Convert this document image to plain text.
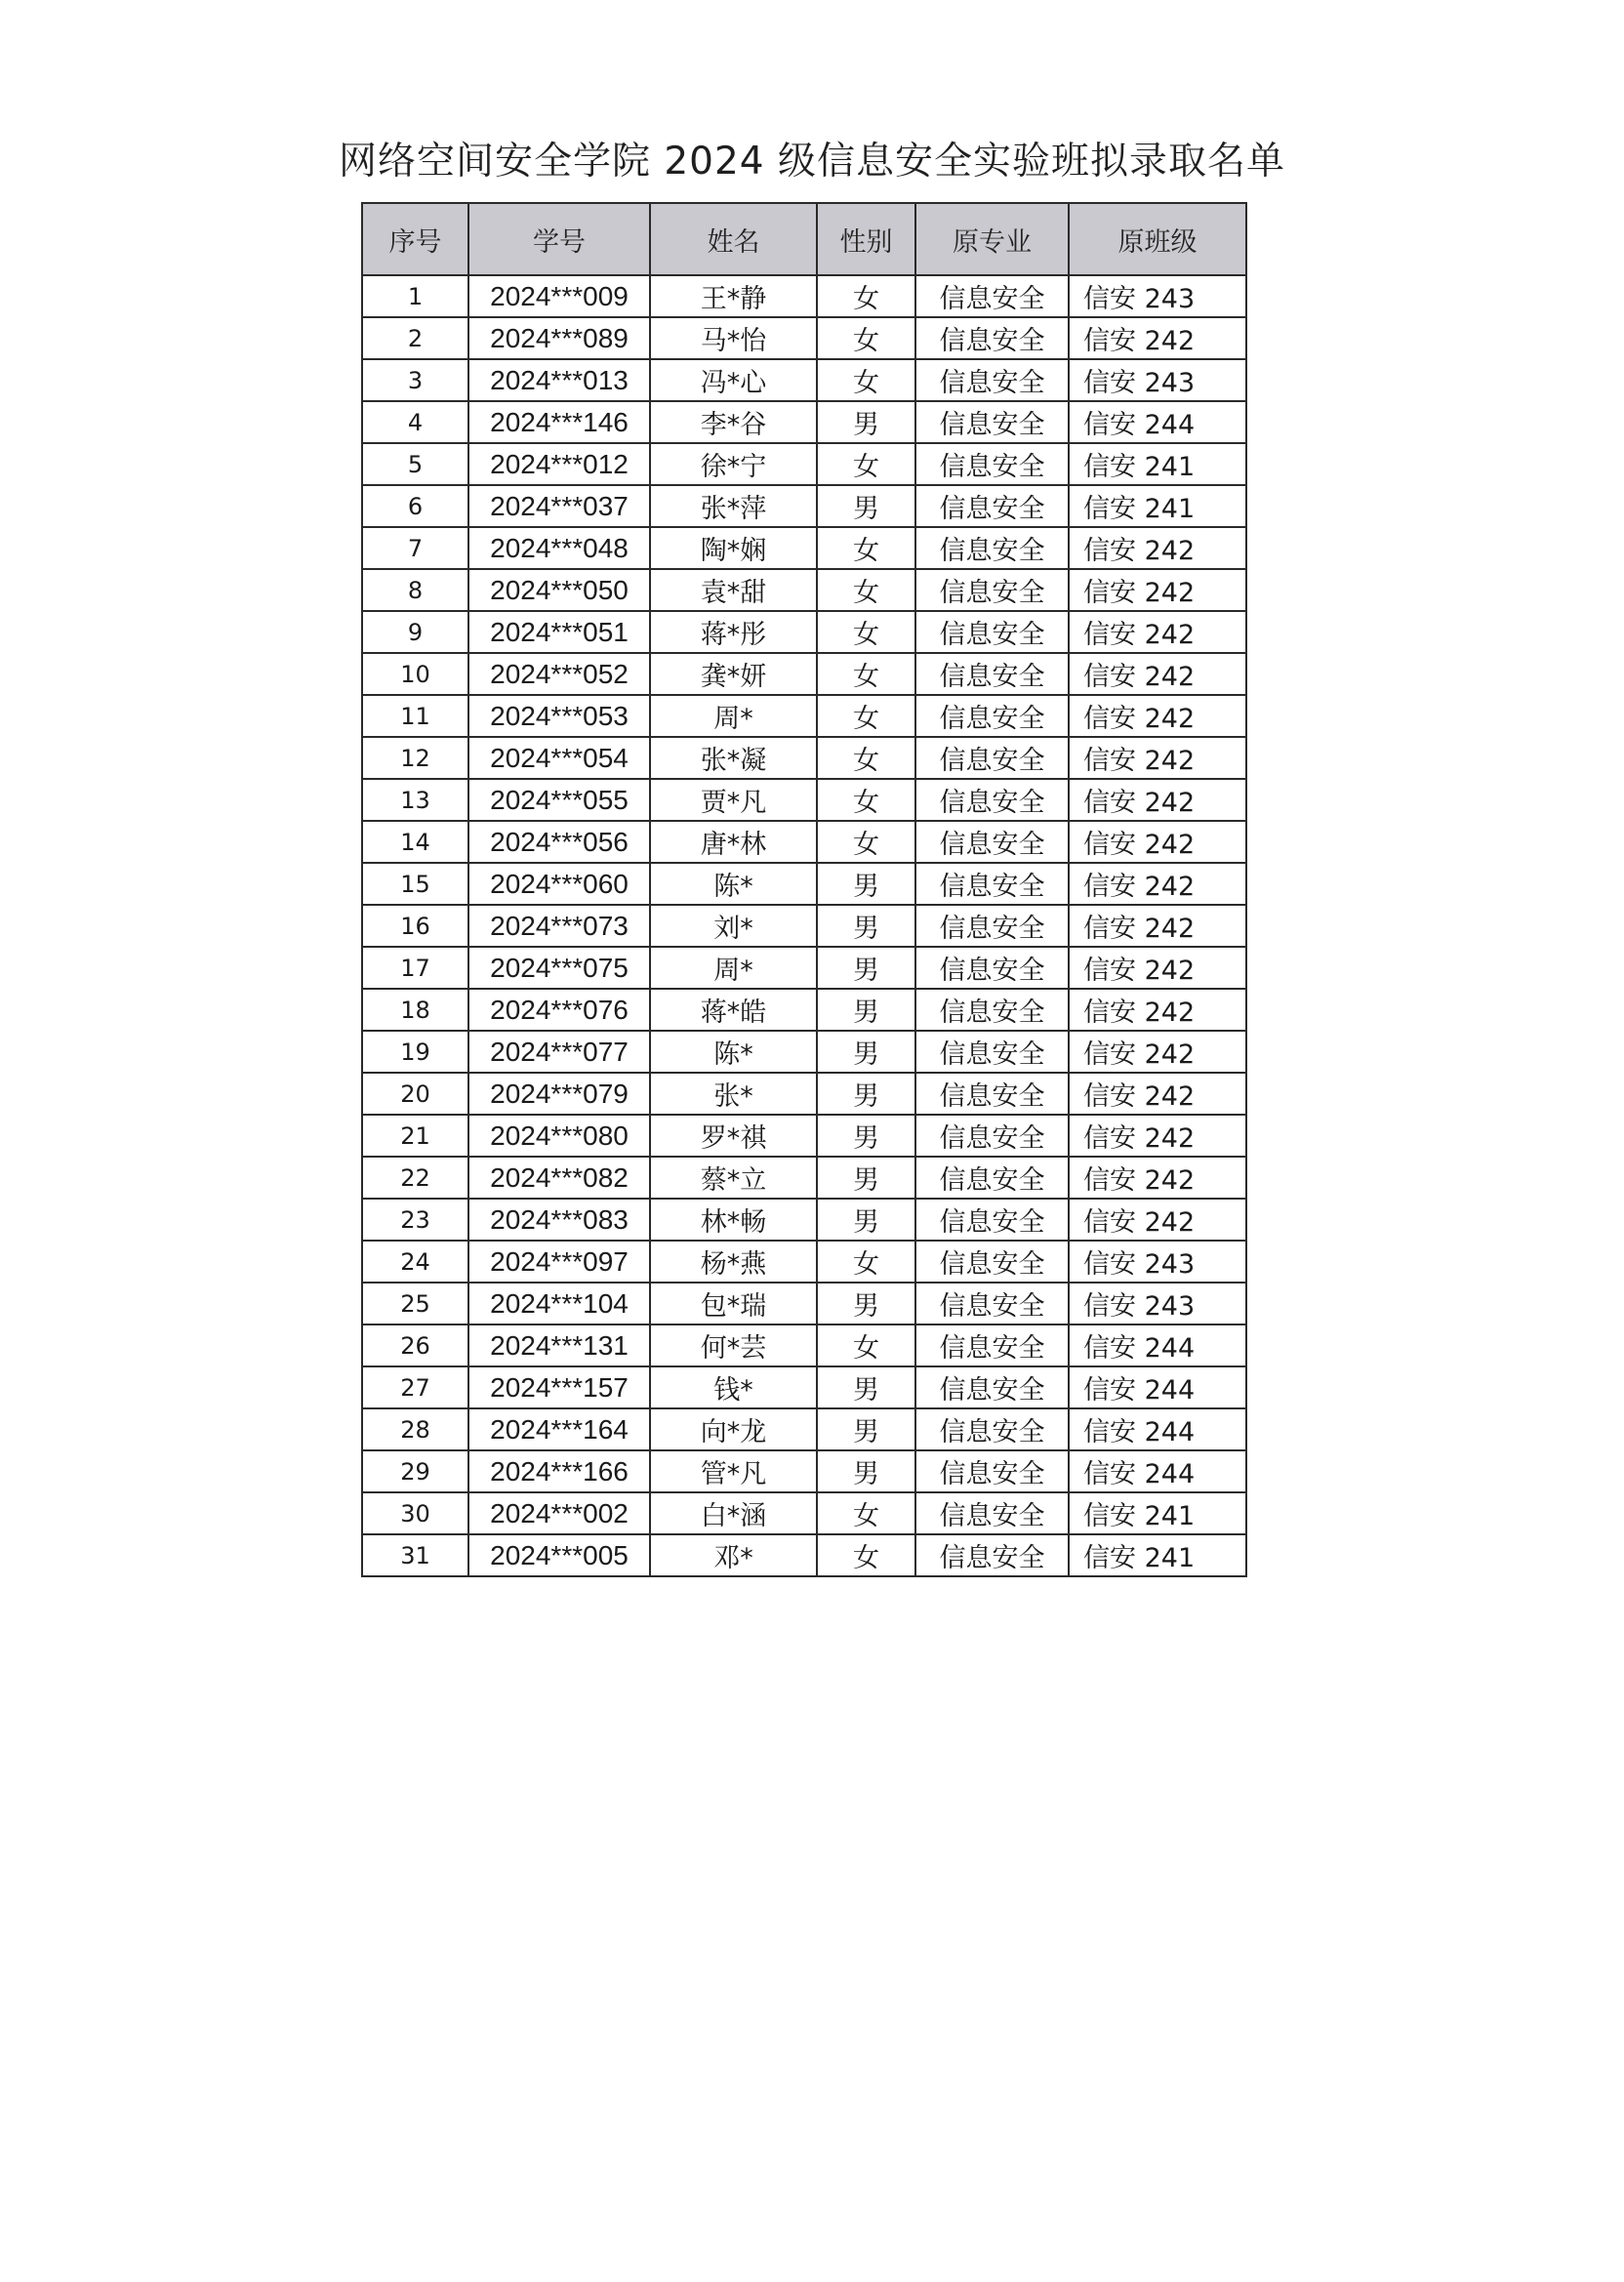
网络空间安全学院 2024 级信息安全实验班拟录取名单
序号	学号	姓名	性别	原专业	原班级
1	2024***009	王*静	女	信息安全	信安 243
2	2024***089	马*怡	女	信息安全	信安 242
3	2024***013	冯*心	女	信息安全	信安 243
4	2024***146	李*谷	男	信息安全	信安 244
5	2024***012	徐*宁	女	信息安全	信安 241
6	2024***037	张*萍	男	信息安全	信安 241
7	2024***048	陶*娴	女	信息安全	信安 242
8	2024***050	袁*甜	女	信息安全	信安 242
9	2024***051	蒋*彤	女	信息安全	信安 242
10	2024***052	龚*妍	女	信息安全	信安 242
11	2024***053	周*	女	信息安全	信安 242
12	2024***054	张*凝	女	信息安全	信安 242
13	2024***055	贾*凡	女	信息安全	信安 242
14	2024***056	唐*林	女	信息安全	信安 242
15	2024***060	陈*	男	信息安全	信安 242
16	2024***073	刘*	男	信息安全	信安 242
17	2024***075	周*	男	信息安全	信安 242
18	2024***076	蒋*皓	男	信息安全	信安 242
19	2024***077	陈*	男	信息安全	信安 242
20	2024***079	张*	男	信息安全	信安 242
21	2024***080	罗*祺	男	信息安全	信安 242
22	2024***082	蔡*立	男	信息安全	信安 242
23	2024***083	林*畅	男	信息安全	信安 242
24	2024***097	杨*燕	女	信息安全	信安 243
25	2024***104	包*瑞	男	信息安全	信安 243
26	2024***131	何*芸	女	信息安全	信安 244
27	2024***157	钱*	男	信息安全	信安 244
28	2024***164	向*龙	男	信息安全	信安 244
29	2024***166	管*凡	男	信息安全	信安 244
30	2024***002	白*涵	女	信息安全	信安 241
31	2024***005	邓*	女	信息安全	信安 241
